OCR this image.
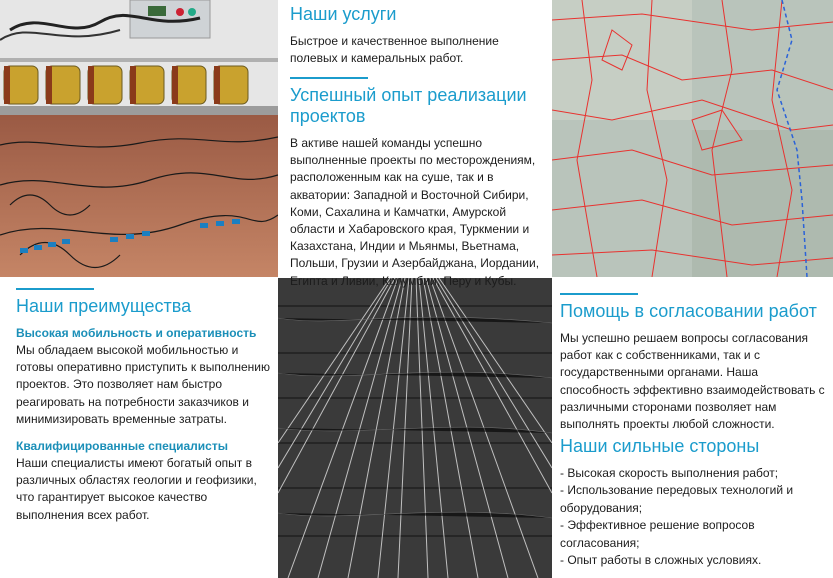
Наши услуги

Быстрое и качественное выполнение полевых и камеральных работ.

Успешный опыт реализации проектов

В активе нашей команды успешно выполненные проекты по месторождениям, расположенным как на суше, так и в акватории: Западной и Восточной Сибири, Коми, Сахалина и Камчатки, Амурской области и Хабаровского края, Туркмении и Казахстана, Индии и Мьянмы, Вьетнама, Польши, Грузии и Азербайджана, Иордании, Египта и Ливии, Колумбии, Перу и Кубы.

Наши преимущества
Высокая мобильность и оперативность

Мы обладаем высокой мобильностью и готовы оперативно приступить к выполнению проектов. Это позволяет нам быстро реагировать на потребности заказчиков и минимизировать временные затраты.

Квалифицированные специалисты

Наши специалисты имеют богатый опыт в различных областях геологии и геофизики, что гарантирует высокое качество выполнения всех работ.

Помощь в согласовании работ

Мы успешно решаем вопросы согласования работ как с собственниками, так и с государственными органами. Наша способность эффективно взаимодействовать с различными сторонами позволяет нам выполнять проекты любой сложности.

Наши сильные стороны
- Высокая скорость выполнения работ;
- Использование передовых технологий и оборудования;
- Эффективное решение вопросов согласования;
- Опыт работы в сложных условиях.
